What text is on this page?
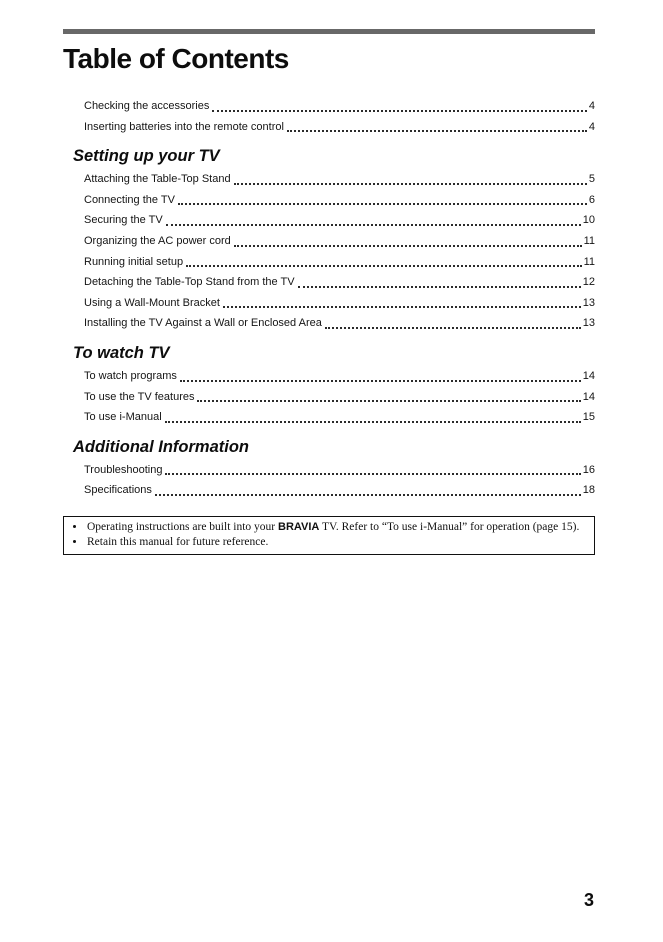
Table of Contents
Checking the accessories	4
Inserting batteries into the remote control	4
Setting up your TV
Attaching the Table-Top Stand	5
Connecting the TV	6
Securing the TV	10
Organizing the AC power cord	11
Running initial setup	11
Detaching the Table-Top Stand from the TV	12
Using a Wall-Mount Bracket	13
Installing the TV Against a Wall or Enclosed Area	13
To watch TV
To watch programs	14
To use the TV features	14
To use i-Manual	15
Additional Information
Troubleshooting	16
Specifications	18
• Operating instructions are built into your BRAVIA TV. Refer to “To use i-Manual” for operation (page 15).
• Retain this manual for future reference.
3
